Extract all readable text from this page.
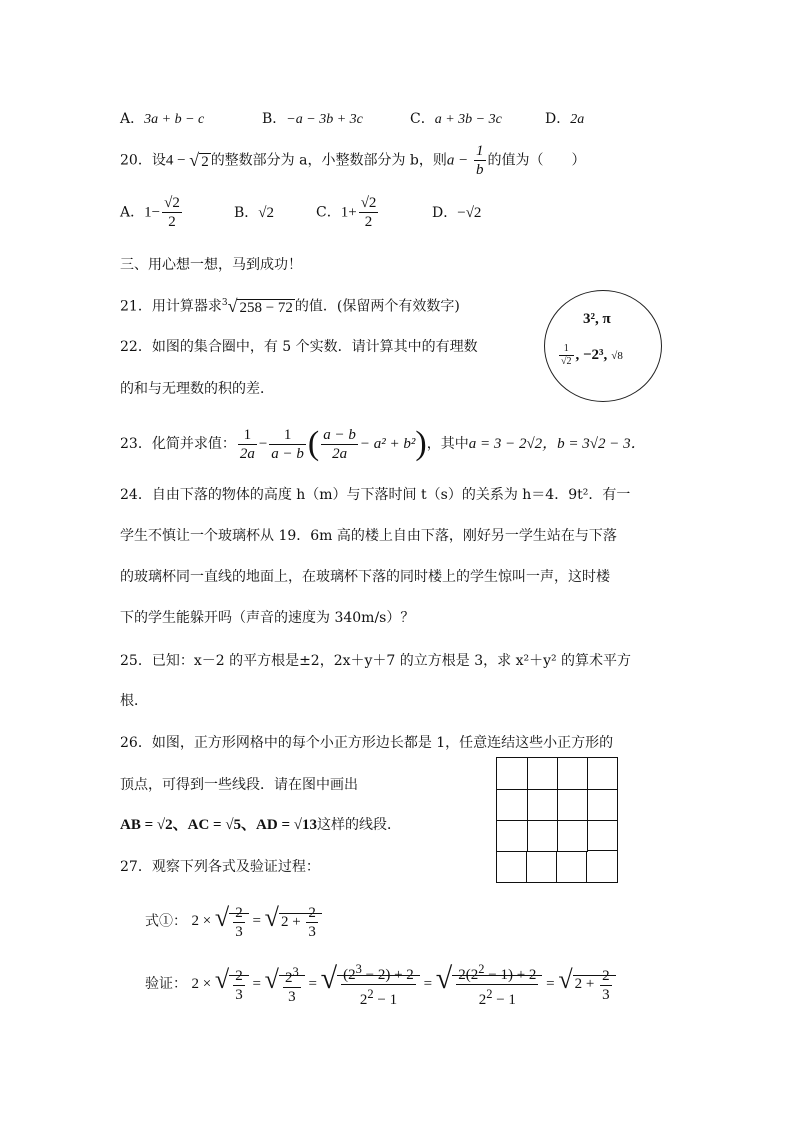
A．3a + b − c	B．−a − 3b + 3c	C．a + 3b − 3c	D．2a
20．设4 − √ 2 的整数部分为 a，小整数部分为 b，则$a - \frac{1}{b}$ 的值为（　　）
A．$1- \frac{√2}{2}$	B．√2	C．$1+ \frac{√2}{2}$	D．−√2
三、用心想一想，马到成功！
21．用计算器求$^3$√ 258 − 72 的值．(保留两个有效数字)
22．如图的集合圈中，有 5 个实数．请计算其中的有理数
的和与无理数的积的差．
3², π
$\frac{1}{√2}$ , −2³, √8
23．化简并求值： $\frac{1}{2a} - \frac{1}{a - b}$ ( $\frac{a - b}{2a} - a^2 + b^2$)，其中a = 3 − 2√2，b = 3√2 − 3．
24．自由下落的物体的高度 h（m）与下落时间 t（s）的关系为 h＝4．9t²．有一
学生不慎让一个玻璃杯从 19．6m 高的楼上自由下落，刚好另一学生站在与下落
的玻璃杯同一直线的地面上，在玻璃杯下落的同时楼上的学生惊叫一声，这时楼
下的学生能躲开吗（声音的速度为 340m/s）？
25．已知：x－2 的平方根是±2，2x＋y＋7 的立方根是 3，求 x²＋y² 的算术平方
根．
26．如图，正方形网格中的每个小正方形边长都是 1，任意连结这些小正方形的
顶点，可得到一些线段．请在图中画出
AB = √2、AC = √5、AD = √13这样的线段．
27．观察下列各式及验证过程：
式①： 2 × √ $\frac{2}{3}$ = √ $2 + \frac{2}{3}$
验证： 2 × √ $\frac{2}{3}$ = √ $\frac{2^3}{3}$ = √ $\frac{(2^3 - 2) + 2}{2^2 - 1}$ = √ $\frac{2(2^2 - 1) + 2}{2^2 - 1}$ = √ $2 + \frac{2}{3}$
